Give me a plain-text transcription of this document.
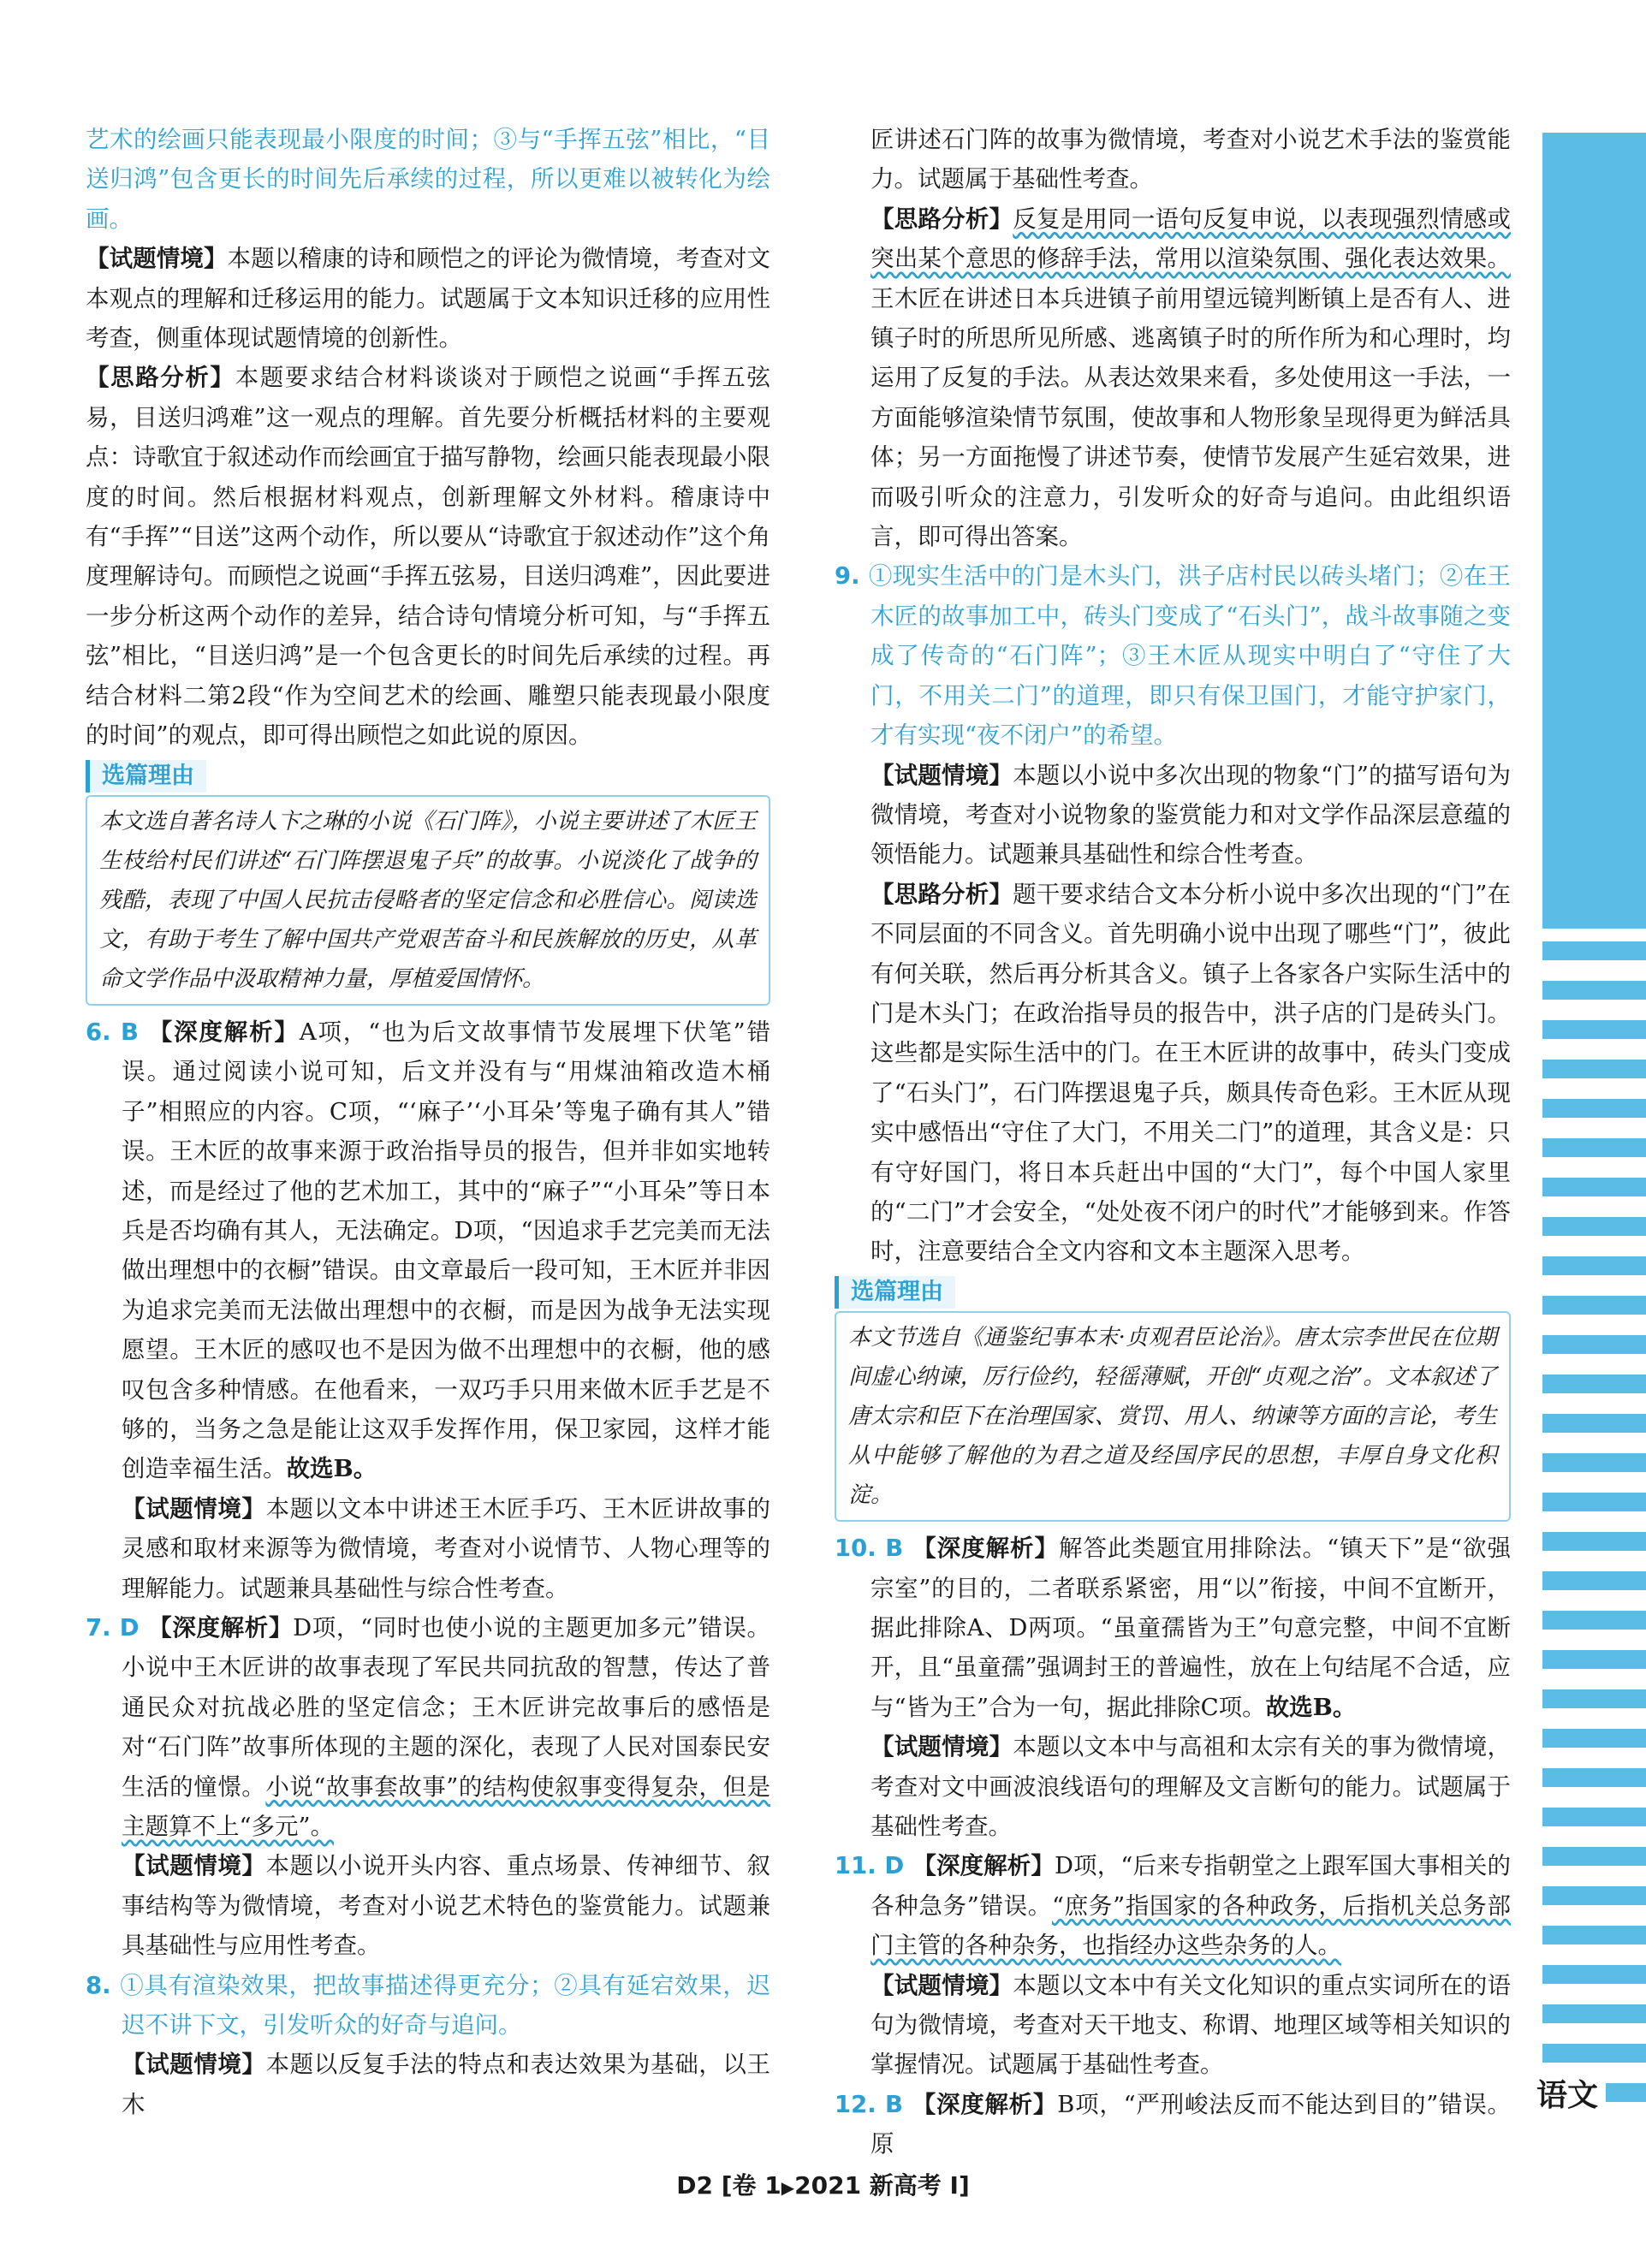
艺术的绘画只能表现最小限度的时间；③与“手挥五弦”相比，“目送归鸿”包含更长的时间先后承续的过程，所以更难以被转化为绘画。
【试题情境】本题以稽康的诗和顾恺之的评论为微情境，考查对文本观点的理解和迁移运用的能力。试题属于文本知识迁移的应用性考查，侧重体现试题情境的创新性。
【思路分析】本题要求结合材料谈谈对于顾恺之说画“手挥五弦易，目送归鸿难”这一观点的理解。首先要分析概括材料的主要观点：诗歌宜于叙述动作而绘画宜于描写静物，绘画只能表现最小限度的时间。然后根据材料观点，创新理解文外材料。稽康诗中有“手挥”“目送”这两个动作，所以要从“诗歌宜于叙述动作”这个角度理解诗句。而顾恺之说画“手挥五弦易，目送归鸿难”，因此要进一步分析这两个动作的差异，结合诗句情境分析可知，与“手挥五弦”相比，“目送归鸿”是一个包含更长的时间先后承续的过程。再结合材料二第2段“作为空间艺术的绘画、雕塑只能表现最小限度的时间”的观点，即可得出顾恺之如此说的原因。
选篇理由
本文选自著名诗人卞之琳的小说《石门阵》，小说主要讲述了木匠王生枝给村民们讲述“石门阵摆退鬼子兵”的故事。小说淡化了战争的残酷，表现了中国人民抗击侵略者的坚定信念和必胜信心。阅读选文，有助于考生了解中国共产党艰苦奋斗和民族解放的历史，从革命文学作品中汲取精神力量，厚植爱国情怀。
6. B 【深度解析】A项，“也为后文故事情节发展埋下伏笔”错误。通过阅读小说可知，后文并没有与“用煤油箱改造木桶子”相照应的内容。C项，“‘麻子’‘小耳朵’等鬼子确有其人”错误。王木匠的故事来源于政治指导员的报告，但并非如实地转述，而是经过了他的艺术加工，其中的“麻子”“小耳朵”等日本兵是否均确有其人，无法确定。D项，“因追求手艺完美而无法做出理想中的衣橱”错误。由文章最后一段可知，王木匠并非因为追求完美而无法做出理想中的衣橱，而是因为战争无法实现愿望。王木匠的感叹也不是因为做不出理想中的衣橱，他的感叹包含多种情感。在他看来，一双巧手只用来做木匠手艺是不够的，当务之急是能让这双手发挥作用，保卫家园，这样才能创造幸福生活。故选B。
【试题情境】本题以文本中讲述王木匠手巧、王木匠讲故事的灵感和取材来源等为微情境，考查对小说情节、人物心理等的理解能力。试题兼具基础性与综合性考查。
7. D 【深度解析】D项，“同时也使小说的主题更加多元”错误。小说中王木匠讲的故事表现了军民共同抗敌的智慧，传达了普通民众对抗战必胜的坚定信念；王木匠讲完故事后的感悟是对“石门阵”故事所体现的主题的深化，表现了人民对国泰民安生活的憧憬。小说“故事套故事”的结构使叙事变得复杂，但是主题算不上“多元”。
【试题情境】本题以小说开头内容、重点场景、传神细节、叙事结构等为微情境，考查对小说艺术特色的鉴赏能力。试题兼具基础性与应用性考查。
8. ①具有渲染效果，把故事描述得更充分；②具有延宕效果，迟迟不讲下文，引发听众的好奇与追问。
【试题情境】本题以反复手法的特点和表达效果为基础，以王木
匠讲述石门阵的故事为微情境，考查对小说艺术手法的鉴赏能力。试题属于基础性考查。
【思路分析】反复是用同一语句反复申说，以表现强烈情感或突出某个意思的修辞手法，常用以渲染氛围、强化表达效果。王木匠在讲述日本兵进镇子前用望远镜判断镇上是否有人、进镇子时的所思所见所感、逃离镇子时的所作所为和心理时，均运用了反复的手法。从表达效果来看，多处使用这一手法，一方面能够渲染情节氛围，使故事和人物形象呈现得更为鲜活具体；另一方面拖慢了讲述节奏，使情节发展产生延宕效果，进而吸引听众的注意力，引发听众的好奇与追问。由此组织语言，即可得出答案。
9. ①现实生活中的门是木头门，洪子店村民以砖头堵门；②在王木匠的故事加工中，砖头门变成了“石头门”，战斗故事随之变成了传奇的“石门阵”；③王木匠从现实中明白了“守住了大门，不用关二门”的道理，即只有保卫国门，才能守护家门，才有实现“夜不闭户”的希望。
【试题情境】本题以小说中多次出现的物象“门”的描写语句为微情境，考查对小说物象的鉴赏能力和对文学作品深层意蕴的领悟能力。试题兼具基础性和综合性考查。
【思路分析】题干要求结合文本分析小说中多次出现的“门”在不同层面的不同含义。首先明确小说中出现了哪些“门”，彼此有何关联，然后再分析其含义。镇子上各家各户实际生活中的门是木头门；在政治指导员的报告中，洪子店的门是砖头门。这些都是实际生活中的门。在王木匠讲的故事中，砖头门变成了“石头门”，石门阵摆退鬼子兵，颇具传奇色彩。王木匠从现实中感悟出“守住了大门，不用关二门”的道理，其含义是：只有守好国门，将日本兵赶出中国的“大门”，每个中国人家里的“二门”才会安全，“处处夜不闭户的时代”才能够到来。作答时，注意要结合全文内容和文本主题深入思考。
选篇理由
本文节选自《通鉴纪事本末·贞观君臣论治》。唐太宗李世民在位期间虚心纳谏，厉行俭约，轻徭薄赋，开创“贞观之治”。文本叙述了唐太宗和臣下在治理国家、赏罚、用人、纳谏等方面的言论，考生从中能够了解他的为君之道及经国序民的思想，丰厚自身文化积淀。
10. B 【深度解析】解答此类题宜用排除法。“镇天下”是“欲强宗室”的目的，二者联系紧密，用“以”衔接，中间不宜断开，据此排除A、D两项。“虽童孺皆为王”句意完整，中间不宜断开，且“虽童孺”强调封王的普遍性，放在上句结尾不合适，应与“皆为王”合为一句，据此排除C项。故选B。
【试题情境】本题以文本中与高祖和太宗有关的事为微情境，考查对文中画波浪线语句的理解及文言断句的能力。试题属于基础性考查。
11. D 【深度解析】D项，“后来专指朝堂之上跟军国大事相关的各种急务”错误。“庶务”指国家的各种政务，后指机关总务部门主管的各种杂务，也指经办这些杂务的人。
【试题情境】本题以文本中有关文化知识的重点实词所在的语句为微情境，考查对天干地支、称谓、地理区域等相关知识的掌握情况。试题属于基础性考查。
12. B 【深度解析】B项，“严刑峻法反而不能达到目的”错误。原
语文
D2 [卷 1▶2021 新高考 Ⅰ]
